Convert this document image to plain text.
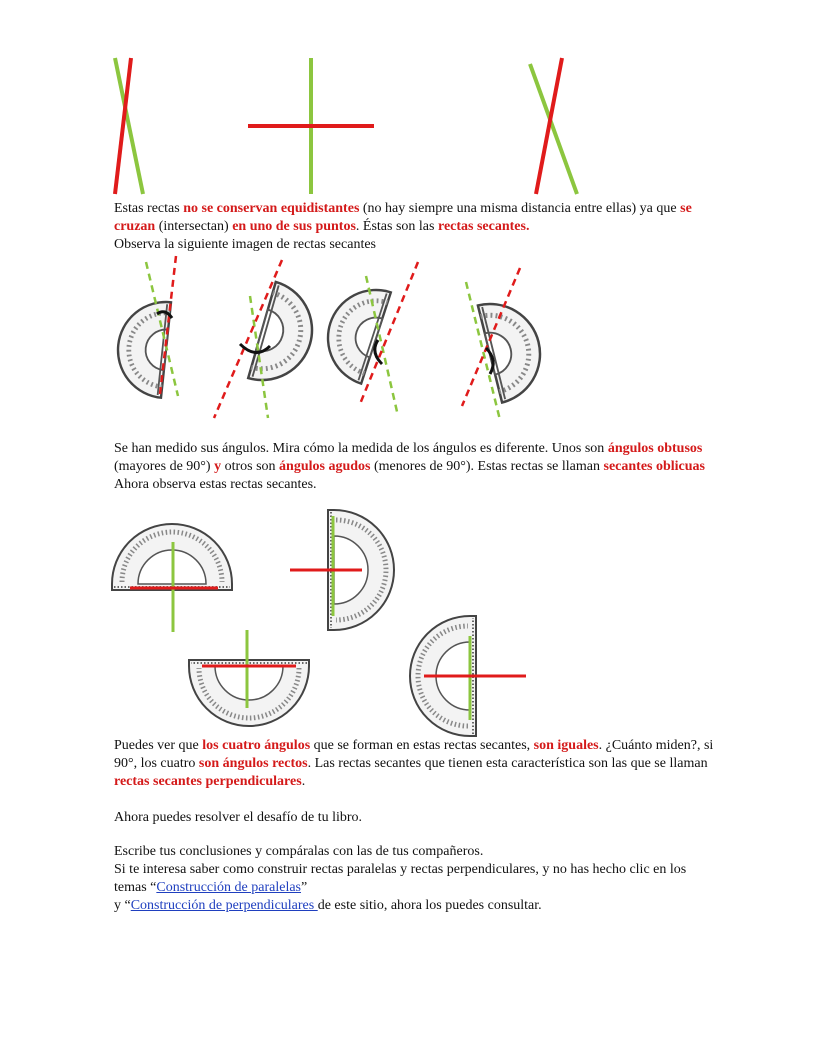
Estas rectas no se conservan equidistantes (no hay siempre una misma distancia entre ellas) ya que se cruzan (intersectan) en uno de sus puntos. Éstas son las rectas secantes.
Observa la siguiente imagen de rectas secantes

Se han medido sus ángulos. Mira cómo la medida de los ángulos es diferente. Unos son ángulos obtusos (mayores de 90°) y otros son ángulos agudos (menores de 90°). Estas rectas se llaman secantes oblicuas
Ahora observa estas rectas secantes.

Puedes ver que los cuatro ángulos que se forman en estas rectas secantes, son iguales. ¿Cuánto miden?, si 90°, los cuatro son ángulos rectos. Las rectas secantes que tienen esta característica son las que se llaman rectas secantes perpendiculares.

Ahora puedes resolver el desafío de tu libro.

Escribe tus conclusiones y compáralas con las de tus compañeros.
Si te interesa saber como construir rectas paralelas y rectas perpendiculares, y no has hecho clic en los temas “Construcción de paralelas”
y “Construcción de perpendiculares de este sitio, ahora los puedes consultar.
